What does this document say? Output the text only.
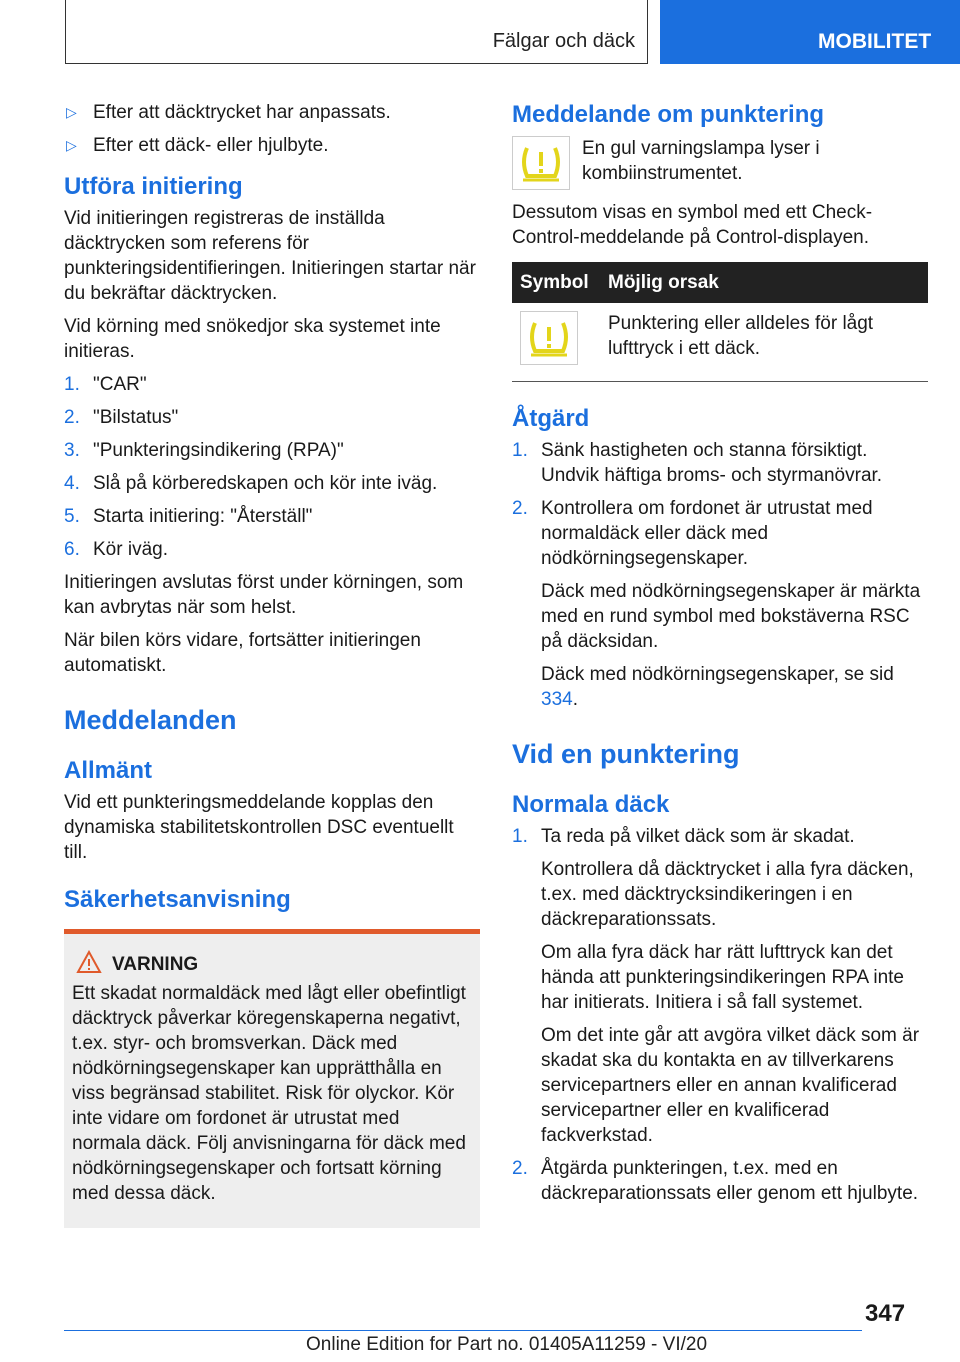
Fälgar och däck	MOBILITET
▷ Efter att däcktrycket har anpassats.
▷ Efter ett däck- eller hjulbyte.
Utföra initiering

Vid initieringen registreras de inställda däcktrycken som referens för punkteringsidentifieringen. Initieringen startar när du bekräftar däcktrycken.

Vid körning med snökedjor ska systemet inte initieras.

1. "CAR"
2. "Bilstatus"
3. "Punkteringsindikering (RPA)"
4. Slå på körberedskapen och kör inte iväg.
5. Starta initiering: "Återställ"
6. Kör iväg.

Initieringen avslutas först under körningen, som kan avbrytas när som helst.

När bilen körs vidare, fortsätter initieringen automatiskt.

Meddelanden
Allmänt

Vid ett punkteringsmeddelande kopplas den dynamiska stabilitetskontrollen DSC eventuellt till.

Säkerhetsanvisning
VARNING
Ett skadat normaldäck med lågt eller obefintligt däcktryck påverkar köregenskaperna negativt, t.ex. styr- och bromsverkan. Däck med nödkörningsegenskaper kan upprätthålla en viss begränsad stabilitet. Risk för olyckor. Kör inte vidare om fordonet är utrustat med normala däck. Följ anvisningarna för däck med nödkörningsegenskaper och fortsatt körning med dessa däck.
Meddelande om punktering
En gul varningslampa lyser i kombiinstrumentet.

Dessutom visas en symbol med ett Check-Control-meddelande på Control-displayen.

Symbol	Möjlig orsak

	Punktering eller alldeles för lågt lufttryck i ett däck.
Åtgärd
1. Sänk hastigheten och stanna försiktigt. Undvik häftiga broms- och styrmanövrar.
2. Kontrollera om fordonet är utrustat med normaldäck eller däck med nödkörningsegenskaper.

Däck med nödkörningsegenskaper är märkta med en rund symbol med bokstäverna RSC på däcksidan.

Däck med nödkörningsegenskaper, se sid 334.

Vid en punktering
Normala däck
1. Ta reda på vilket däck som är skadat.

Kontrollera då däcktrycket i alla fyra däcken, t.ex. med däcktrycksindikeringen i en däckreparationssats.

Om alla fyra däck har rätt lufttryck kan det hända att punkteringsindikeringen RPA inte har initierats. Initiera i så fall systemet.

Om det inte går att avgöra vilket däck som är skadat ska du kontakta en av tillverkarens servicepartners eller en annan kvalificerad servicepartner eller en kvalificerad fackverkstad.

2. Åtgärda punkteringen, t.ex. med en däckreparationssats eller genom ett hjulbyte.
347
Online Edition for Part no. 01405A11259 - VI/20
